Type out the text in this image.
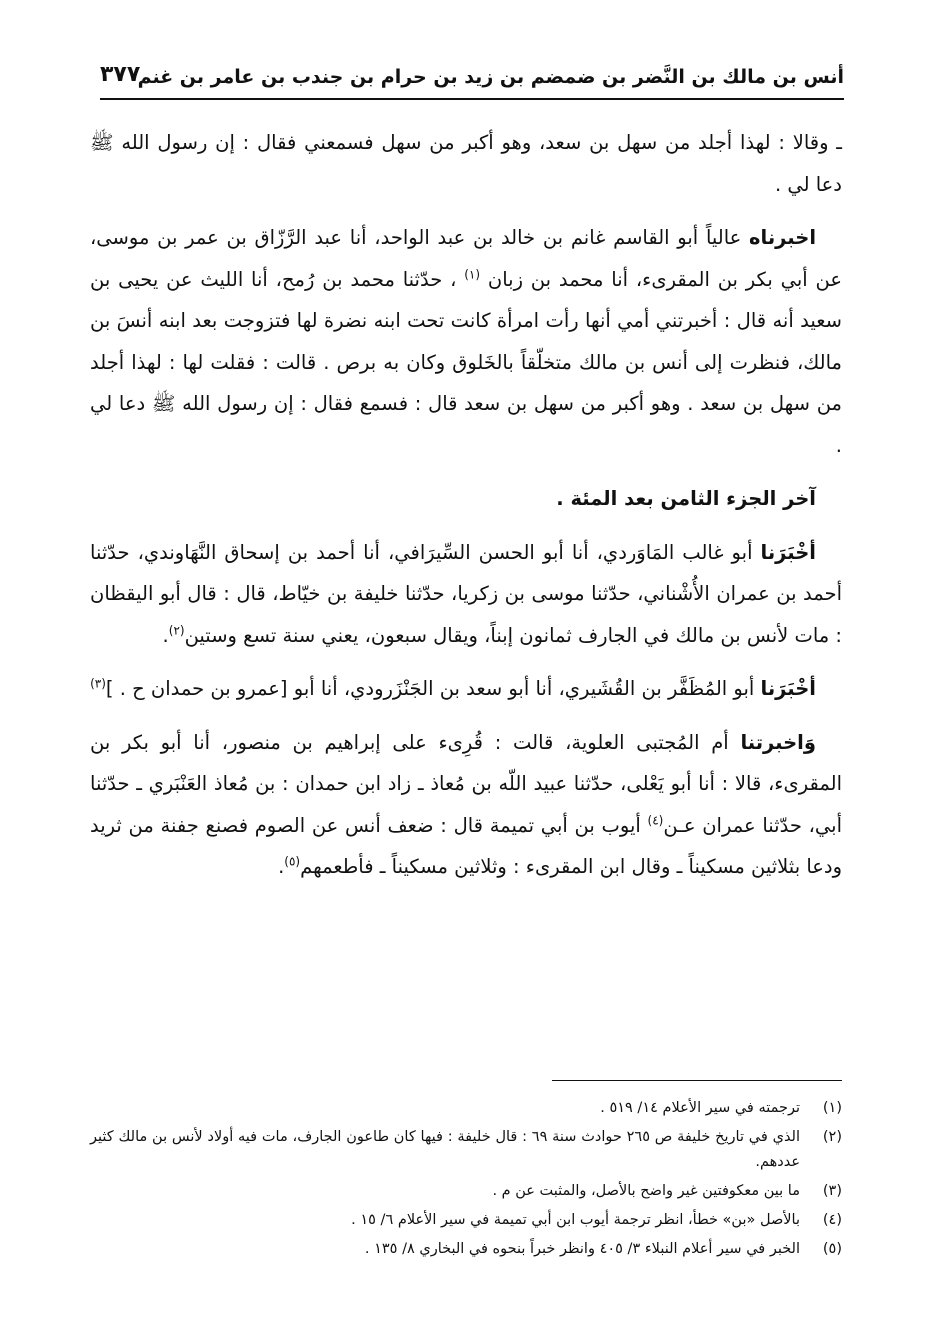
أنس بن مالك بن النَّضر بن ضمضم بن زيد بن حرام بن جندب بن عامر بن غنم
٣٧٧

ـ وقالا : لهذا أجلد من سهل بن سعد، وهو أكبر من سهل فسمعني فقال : إن رسول الله ﷺ دعا لي .

اخبرناه عالياً أبو القاسم غانم بن خالد بن عبد الواحد، أنا عبد الرَّزّاق بن عمر بن موسى، عن أبي بكر بن المقرىء، أنا محمد بن زبان $^{(١)}$ ، حدّثنا محمد بن رُمح، أنا الليث عن يحيى بن سعيد أنه قال : أخبرتني أمي أنها رأت امرأة كانت تحت ابنه نضرة لها فتزوجت بعد ابنه أنسَ بن مالك، فنظرت إلى أنس بن مالك متخلّقاً بالخَلوق وكان به برص . قالت : فقلت لها : لهذا أجلد من سهل بن سعد . وهو أكبر من سهل بن سعد قال : فسمع فقال : إن رسول الله ﷺ دعا لي .

آخر الجزء الثامن بعد المئة .

أخْبَرَنا أبو غالب المَاوَردي، أنا أبو الحسن السِّيرَافي، أنا أحمد بن إسحاق النَّهَاوندي، حدّثنا أحمد بن عمران الأُشْناني، حدّثنا موسى بن زكريا، حدّثنا خليفة بن خيّاط، قال : قال أبو اليقظان : مات لأنس بن مالك في الجارف ثمانون إبناً، ويقال سبعون، يعني سنة تسع وستين$^{(٢)}$.

أخْبَرَنا أبو المُظَفَّر بن القُشَيري، أنا أبو سعد بن الجَنْزَرودي، أنا أبو [عمرو بن حمدان ح . ]$^{(٣)}$

وَاخبرتنا أم المُجتبى العلوية، قالت : قُرِىء على إبراهيم بن منصور، أنا أبو بكر بن المقرىء، قالا : أنا أبو يَعْلى، حدّثنا عبيد اللّه بن مُعاذ ـ زاد ابن حمدان : بن مُعاذ العَنْبَري ـ حدّثنا أبي، حدّثنا عمران عـن$^{(٤)}$ أيوب بن أبي تميمة قال : ضعف أنس عن الصوم فصنع جفنة من ثريد ودعا بثلاثين مسكيناً ـ وقال ابن المقرىء : وثلاثين مسكيناً ـ فأطعمهم$^{(٥)}$.

(١)
ترجمته في سير الأعلام ١٤/ ٥١٩ .
(٢)
الذي في تاريخ خليفة ص ٢٦٥ حوادث سنة ٦٩ : قال خليفة : فيها كان طاعون الجارف، مات فيه أولاد لأنس بن مالك كثير عددهم.
(٣)
ما بين معكوفتين غير واضح بالأصل، والمثبت عن م .
(٤)
بالأصل «بن» خطأ، انظر ترجمة أيوب ابن أبي تميمة في سير الأعلام ٦/ ١٥ .
(٥)
الخبر في سير أعلام النبلاء ٣/ ٤٠٥ وانظر خبراً بنحوه في البخاري ٨/ ١٣٥ .
